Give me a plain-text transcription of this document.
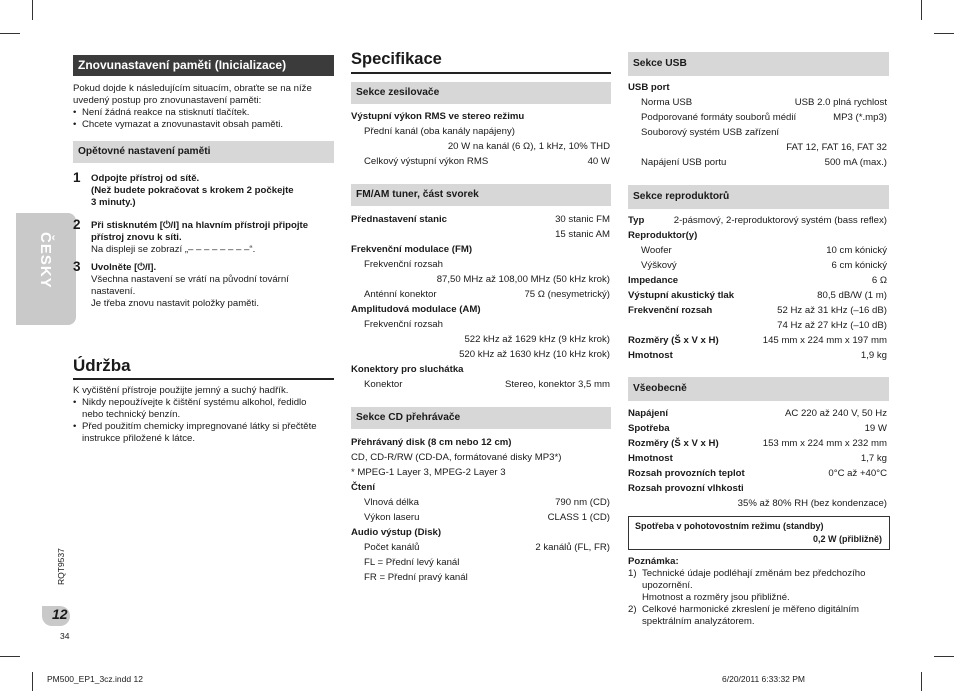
ČESKY
Znovunastavení paměti (Inicializace)
Pokud dojde k následujícím situacím, obraťte se na níže
uvedený postup pro znovunastavení paměti:
• Není žádná reakce na stisknutí tlačítek.
• Chcete vymazat a znovunastavit obsah paměti.
Opětovné nastavení paměti
1 Odpojte přístroj od sítě.
(Než budete pokračovat s krokem 2 počkejte
3 minuty.)
2 Při stisknutém [⏻/I] na hlavním přístroji připojte
přístroj znovu k síti.
Na displeji se zobrazí „– – – – – – – –“.
3 Uvolněte [⏻/I].
Všechna nastavení se vrátí na původní tovární
nastavení.
Je třeba znovu nastavit položky paměti.
Údržba
K vyčištění přístroje použijte jemný a suchý hadřík.
• Nikdy nepoužívejte k čištění systému alkohol, ředidlo
nebo technický benzín.
• Před použitím chemicky impregnované látky si přečtěte
instrukce přiložené k látce.
Specifikace
Sekce zesilovače
Výstupní výkon RMS ve stereo režimu
Přední kanál (oba kanály napájeny)
20 W na kanál (6 Ω), 1 kHz, 10% THD
Celkový výstupní výkon RMS	40 W
FM/AM tuner, část svorek
Přednastavení stanic	30 stanic FM
15 stanic AM
Frekvenční modulace (FM)
Frekvenční rozsah
87,50 MHz až 108,00 MHz (50 kHz krok)
Anténní konektor	75 Ω (nesymetrický)
Amplitudová modulace (AM)
Frekvenční rozsah
522 kHz až 1629 kHz (9 kHz krok)
520 kHz až 1630 kHz (10 kHz krok)
Konektory pro sluchátka
Konektor	Stereo, konektor 3,5 mm
Sekce CD přehrávače
Přehrávaný disk (8 cm nebo 12 cm)
CD, CD-R/RW (CD-DA, formátované disky MP3*)
* MPEG-1 Layer 3, MPEG-2 Layer 3
Čtení
Vlnová délka	790 nm (CD)
Výkon laseru	CLASS 1 (CD)
Audio výstup (Disk)
Počet kanálů	2 kanálů (FL, FR)
FL = Přední levý kanál
FR = Přední pravý kanál
Sekce USB
USB port
Norma USB	USB 2.0 plná rychlost
Podporované formáty souborů médií	MP3 (*.mp3)
Souborový systém USB zařízení
FAT 12, FAT 16, FAT 32
Napájení USB portu	500 mA (max.)
Sekce reproduktorů
Typ	2-pásmový, 2-reproduktorový systém (bass reflex)
Reproduktor(y)
Woofer	10 cm kónický
Výškový	6 cm kónický
Impedance	6 Ω
Výstupní akustický tlak	80,5 dB/W (1 m)
Frekvenční rozsah	52 Hz až 31 kHz (–16 dB)
74 Hz až 27 kHz (–10 dB)
Rozměry (Š x V x H)	145 mm x 224 mm x 197 mm
Hmotnost	1,9 kg
Všeobecně
Napájení	AC 220 až 240 V, 50 Hz
Spotřeba	19 W
Rozměry (Š x V x H)	153 mm x 224 mm x 232 mm
Hmotnost	1,7 kg
Rozsah provozních teplot	0°C až +40°C
Rozsah provozní vlhkosti
35% až 80% RH (bez kondenzace)
Spotřeba v pohotovostním režimu (standby)
0,2 W (přibližně)
Poznámka:
1) Technické údaje podléhají změnám bez předchozího
upozornění.
Hmotnost a rozměry jsou přibližné.
2) Celkové harmonické zkreslení je měřeno digitálním
spektrálním analyzátorem.
RQT9537
12
34
PM500_EP1_3cz.indd 12	6/20/2011 6:33:32 PM
